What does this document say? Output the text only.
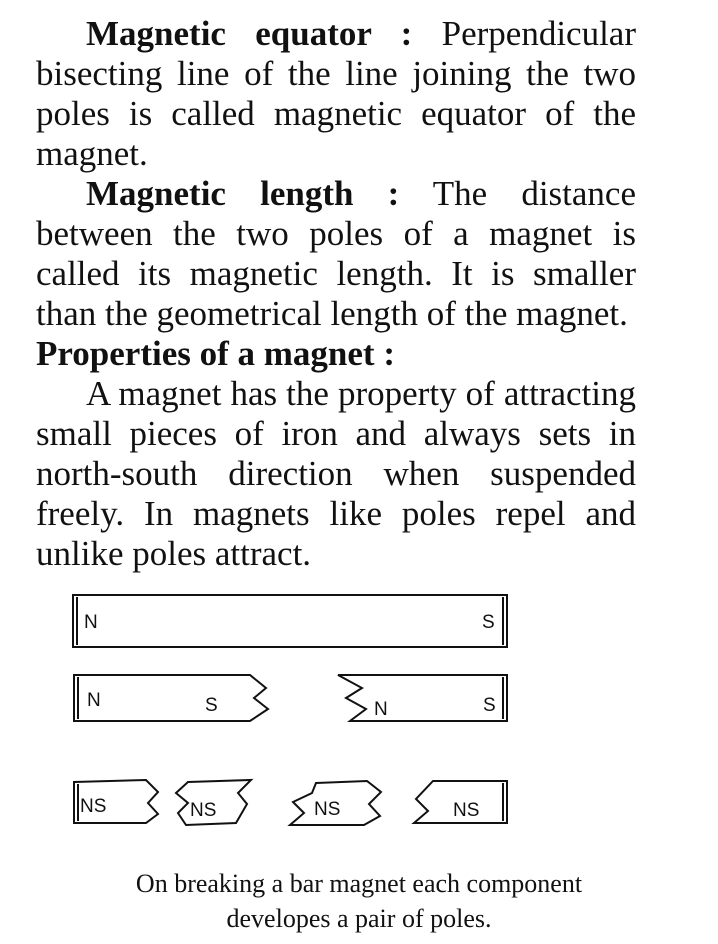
Magnetic equator : Perpendicular bisecting line of the line joining the two poles is called magnetic equator of the magnet.

Magnetic length : The distance between the two poles of a magnet is called its magnetic length. It is smaller than the geometrical length of the magnet.

Properties of a magnet :

A magnet has the property of attracting small pieces of iron and always sets in north-south direction when suspended freely. In magnets like poles repel and unlike poles attract.

N	S
N	S	N	S
NS	NS	NS	NS
On breaking a bar magnet each component
developes a pair of poles.
